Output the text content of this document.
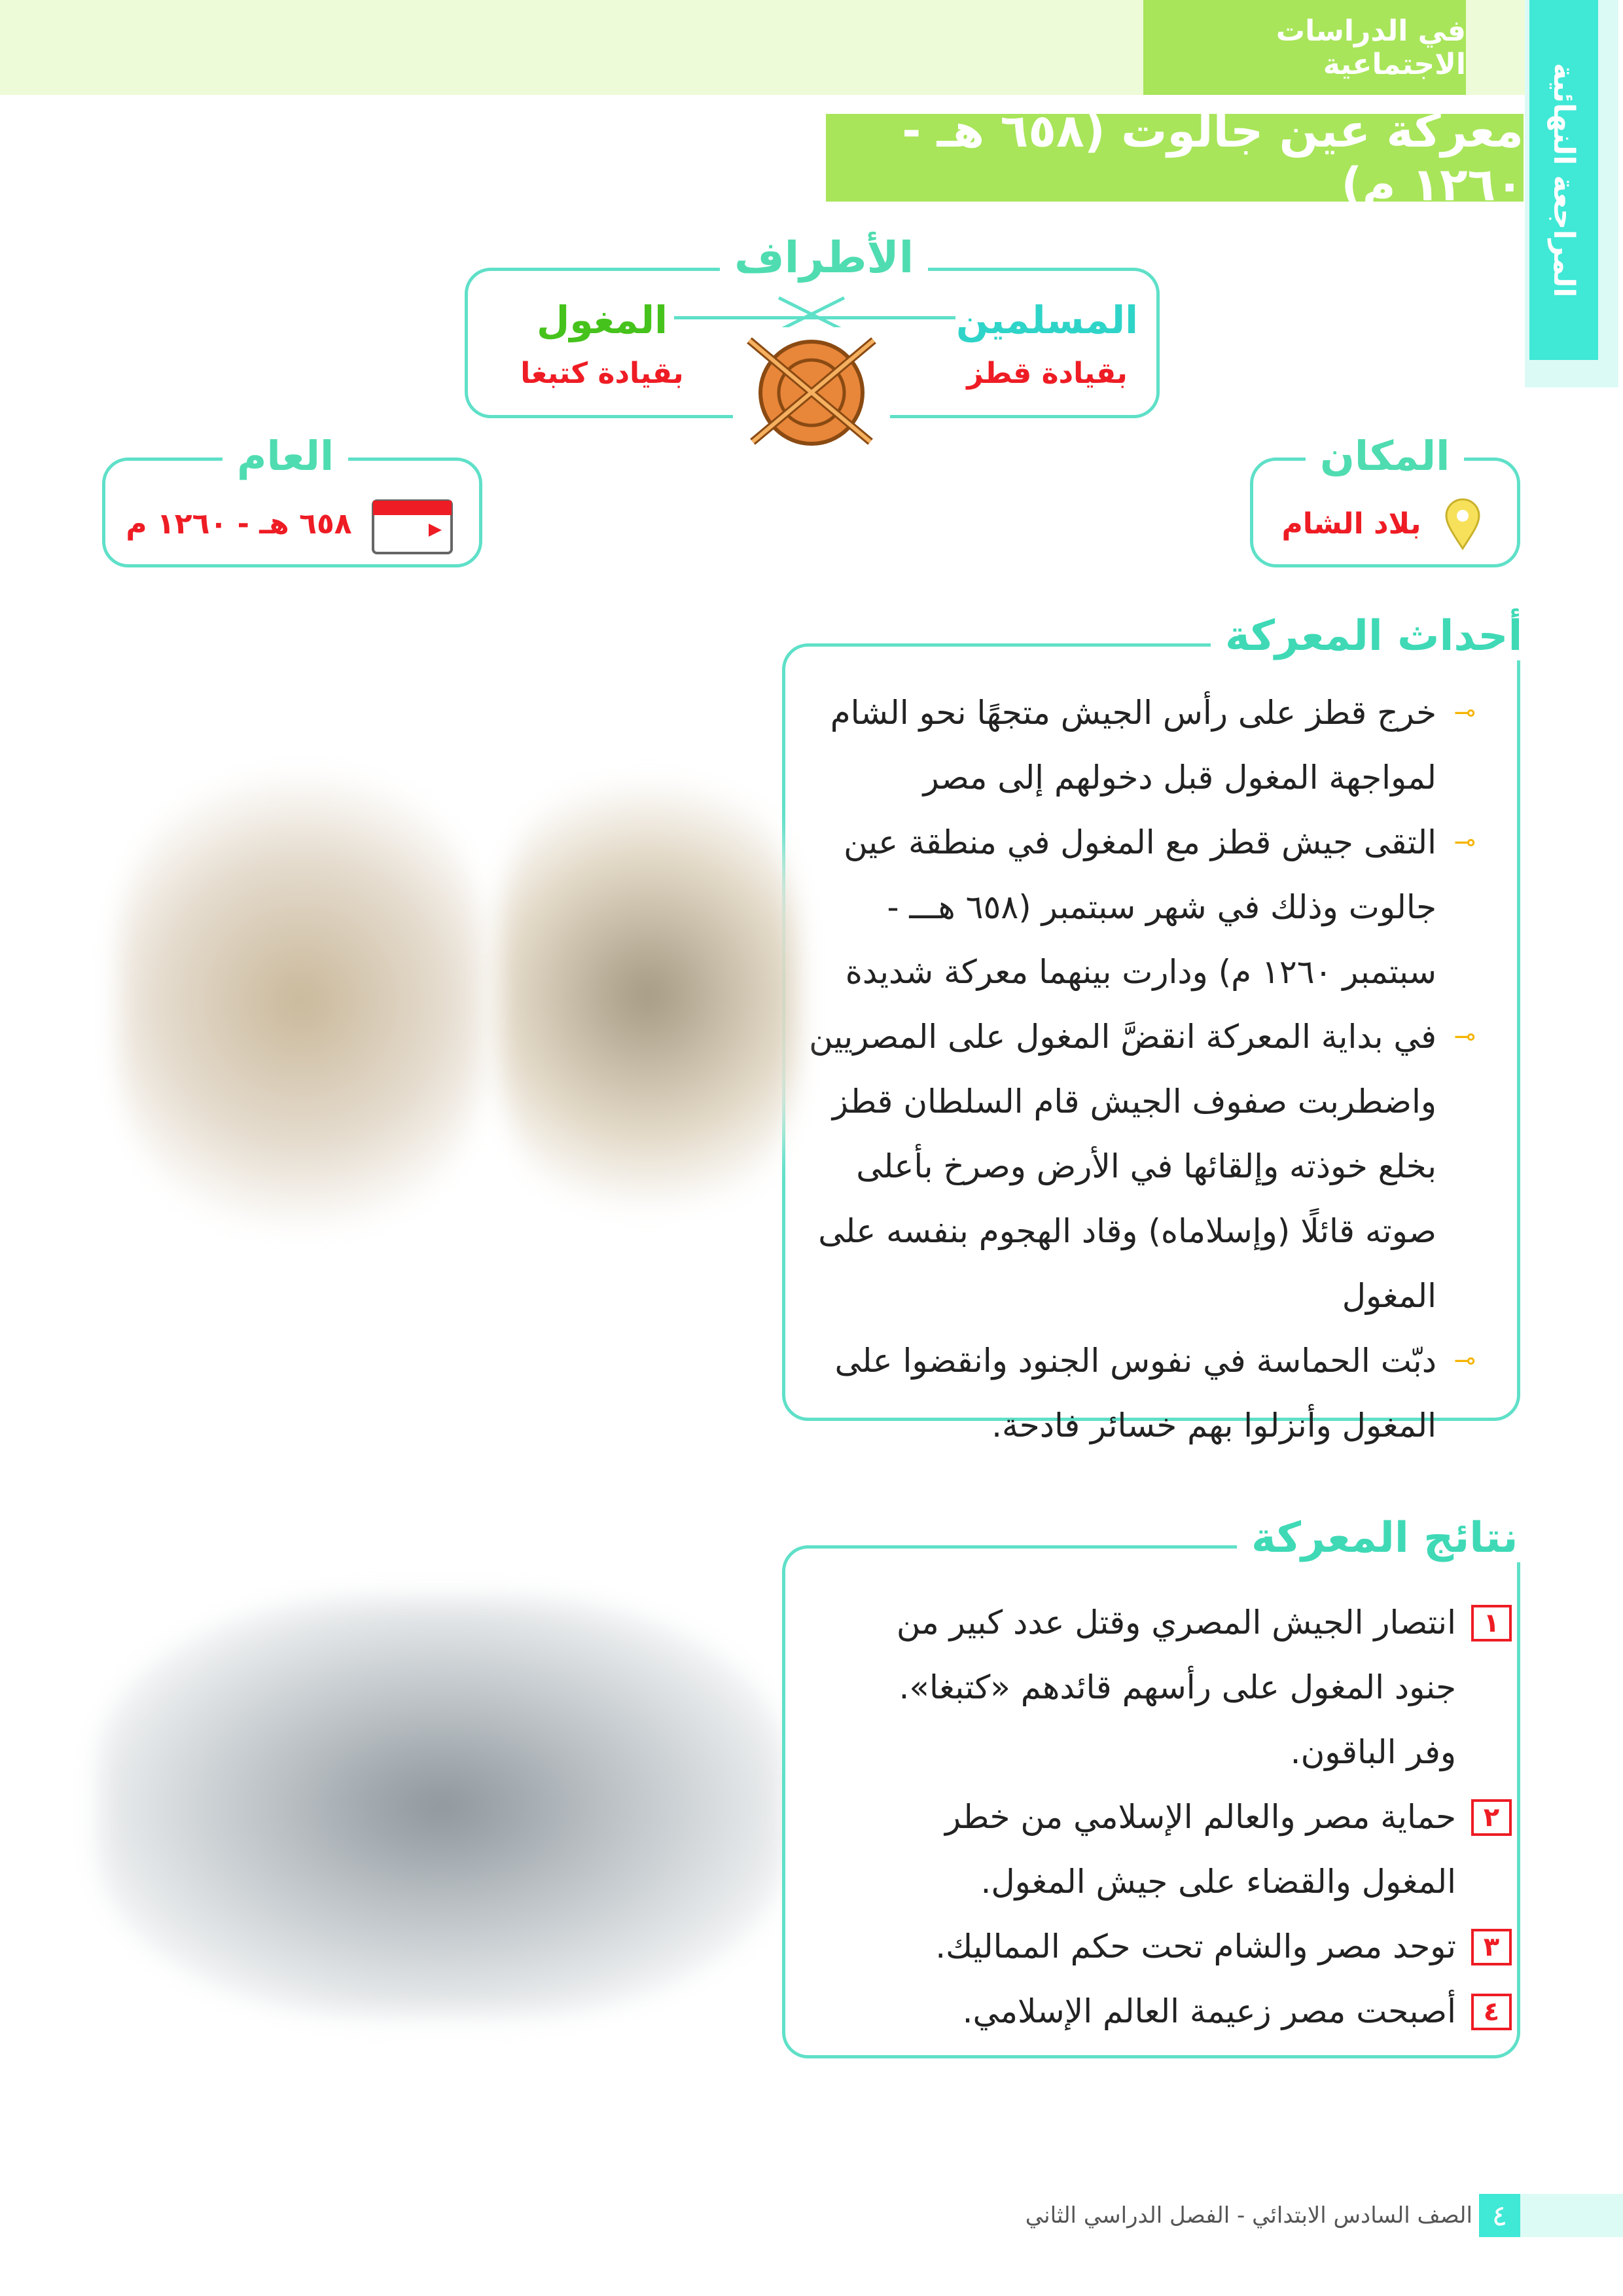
في الدراسات الاجتماعية	المراجعة النهائية
معركة عين جالوت (٦٥٨ هـ - ١٢٦٠ م)
الأطراف
المسلمين
بقيادة قطز
المغول
بقيادة كتبغا
العام
٦٥٨ هـ - ١٢٦٠ م
المكان
بلاد الشام
أحداث المعركة
⊸
خرج قطز على رأس الجيش متجهًا نحو الشام لمواجهة المغول قبل دخولهم إلى مصر
⊸
التقى جيش قطز مع المغول في منطقة عين جالوت وذلك في شهر سبتمبر (٦٥٨ هـــ - سبتمبر ١٢٦٠ م) ودارت بينهما معركة شديدة
⊸
في بداية المعركة انقضَّ المغول على المصريين واضطربت صفوف الجيش قام السلطان قطز بخلع خوذته وإلقائها في الأرض وصرخ بأعلى صوته قائلًا (وإسلاماه) وقاد الهجوم بنفسه على المغول
⊸
دبّت الحماسة في نفوس الجنود وانقضوا على المغول وأنزلوا بهم خسائر فادحة.
نتائج المعركة
١
انتصار الجيش المصري وقتل عدد كبير من جنود المغول على رأسهم قائدهم «كتبغا». وفر الباقون.
٢
حماية مصر والعالم الإسلامي من خطر المغول والقضاء على جيش المغول.
٣
توحد مصر والشام تحت حكم المماليك.
٤
أصبحت مصر زعيمة العالم الإسلامي.
٤
الصف السادس الابتدائي - الفصل الدراسي الثاني
